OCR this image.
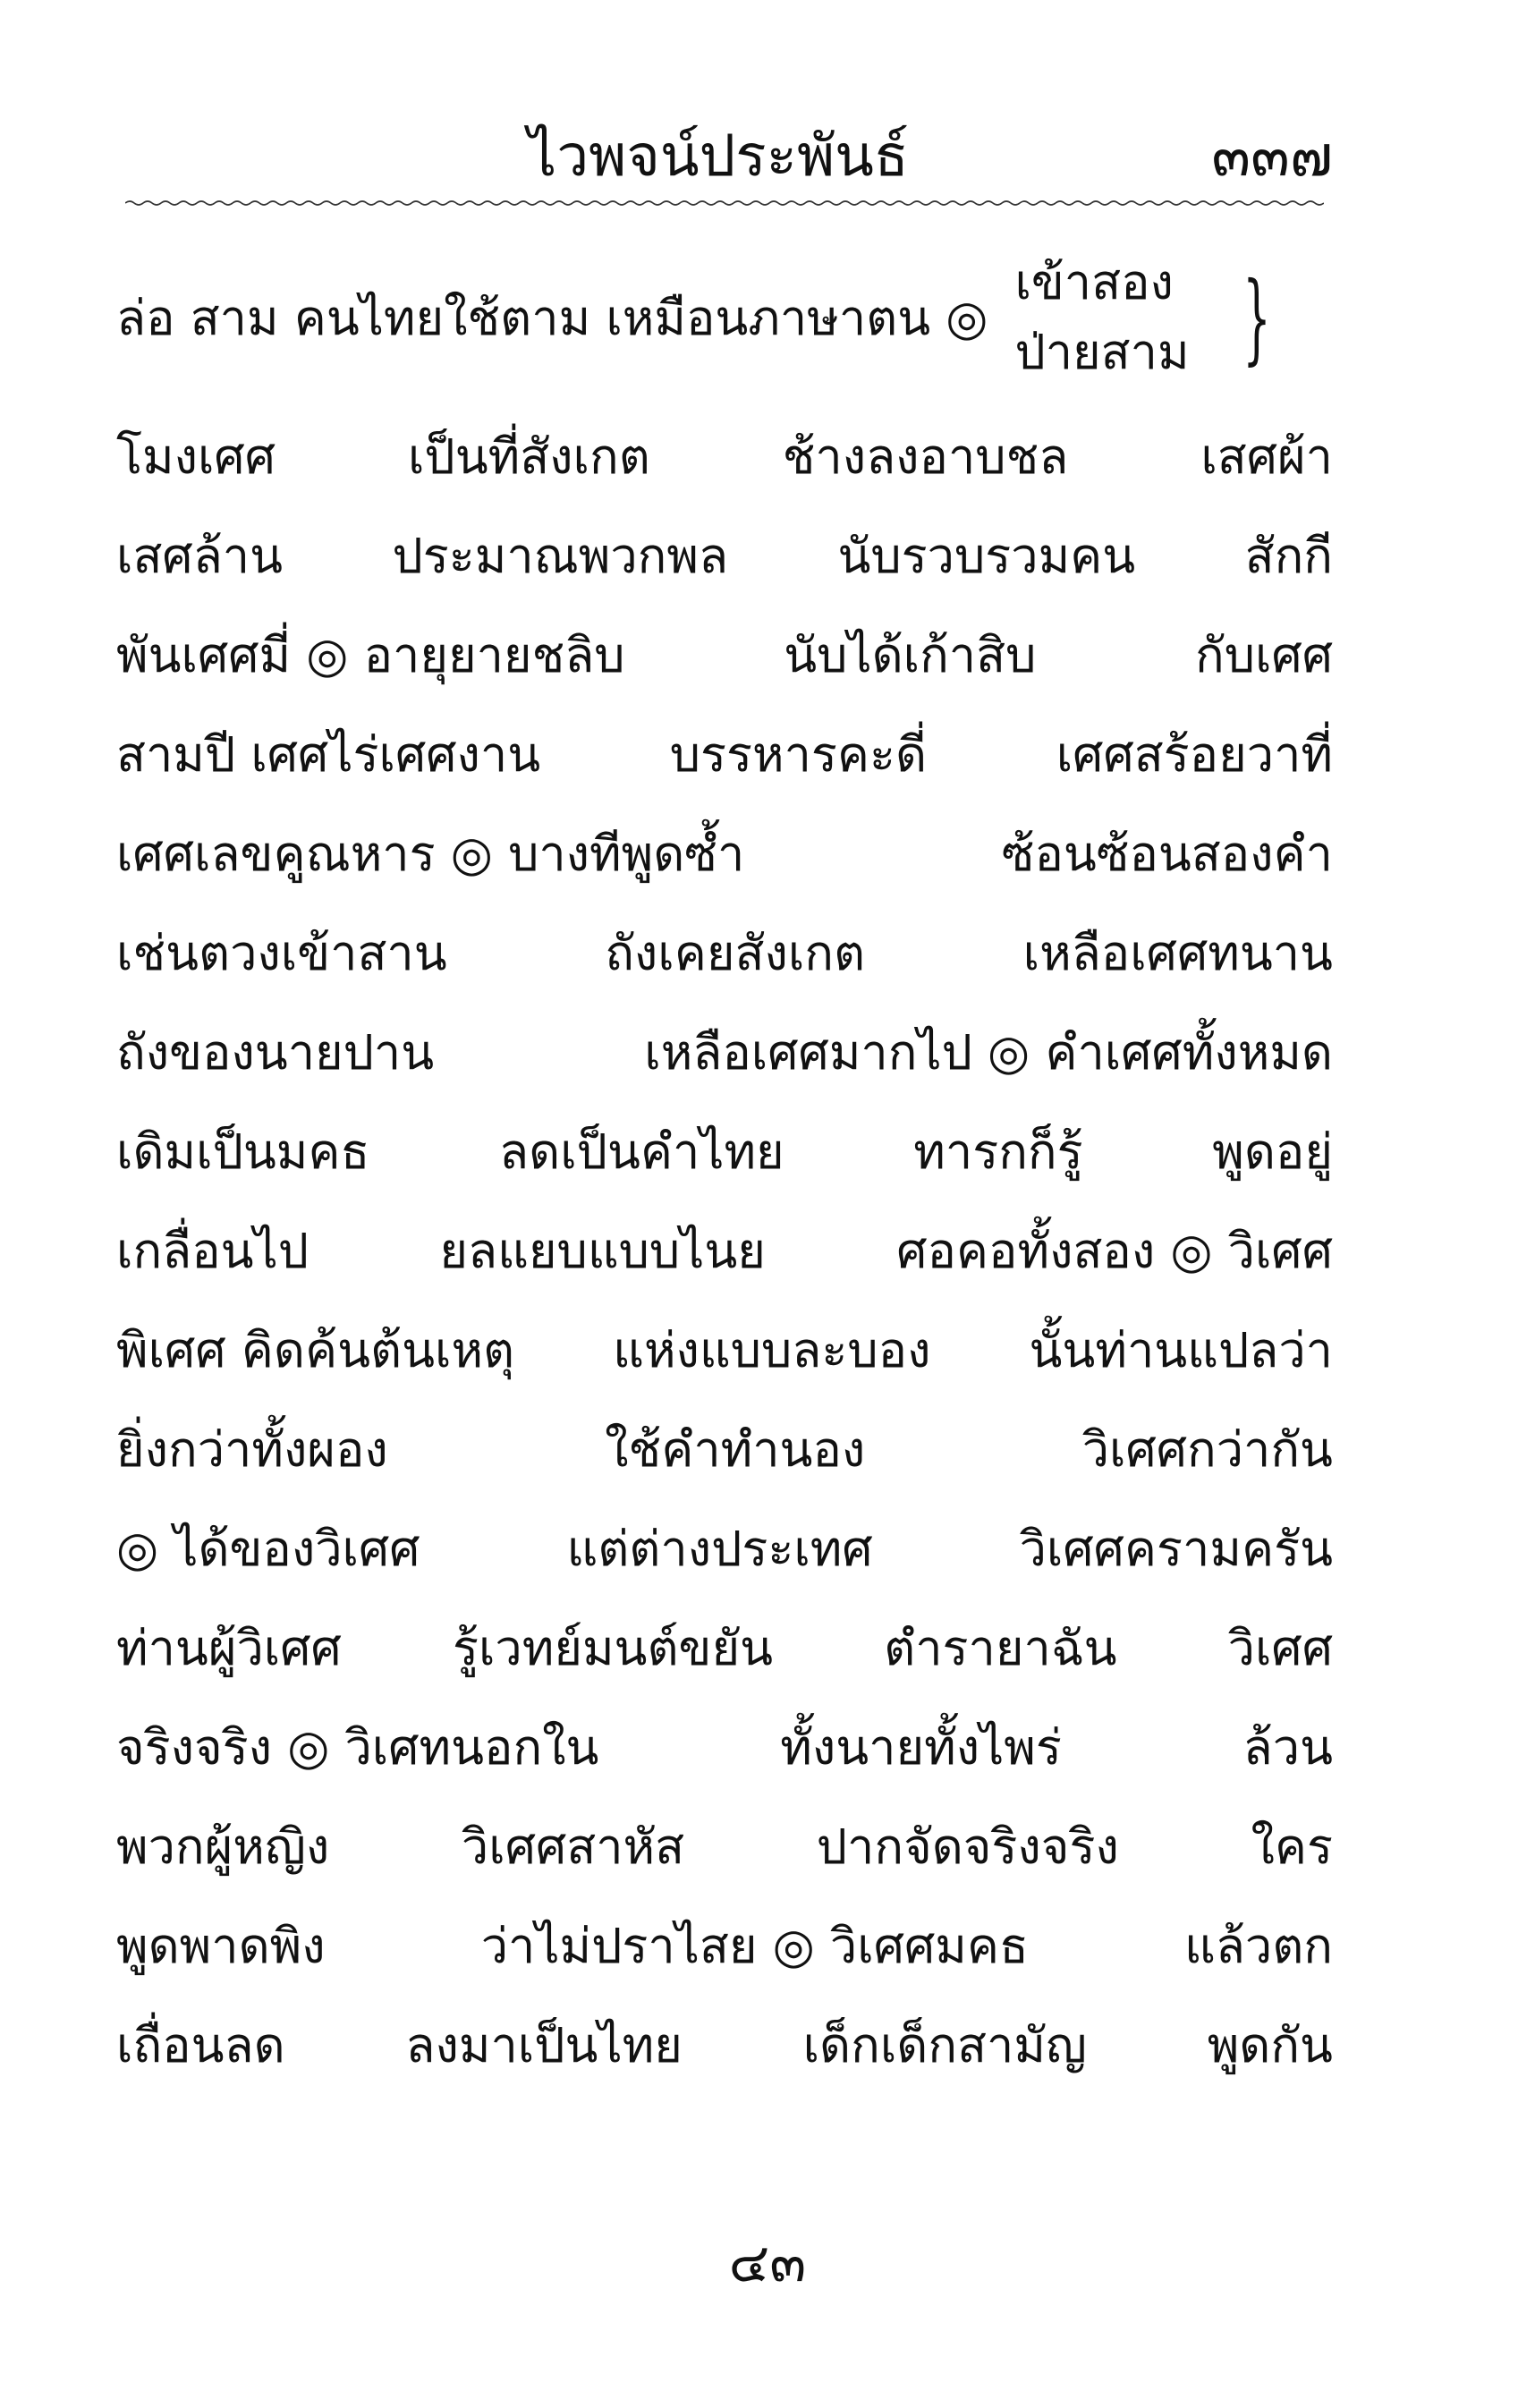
ไวพจน์ประพันธ์	๓๓๗
ล่อ สาม คนไทยใช้ตาม เหมือนภาษาตน ◎
เข้าสอง
ป่ายสาม }
โมงเศศ	เป็นที่สังเกต	ช้างลงอาบชล	เสศผ้า
เสศล้าน ประมาณพวกพล นับรวบรวมคน สักกี
พันเศศมี่ ◎ อายุยายชลิบ	นับได้เก้าสิบ	กับเศศ
สามปี เศศไร่เศศงาน	บรรหารคะดี่	เศศสร้อยวาที่
เศศเลขคูณหาร ◎ บางทีพูดซ้ำ	ซ้อนซ้อนสองคำ
เช่นตวงเข้าสาน	ถังเคยสังเกต	เหลือเศศทนาน
ถังของนายปาน	เหลือเศศมากไป ◎ คำเศศทั้งหมด
เดิมเป็นมคธ	ลดเป็นคำไทย	ทารกก็รู้	พูดอยู่
เกลื่อนไป	ยลแยบแบบไนย	ศอคอทั้งสอง ◎ วิเศศ
พิเศศ คิดค้นต้นเหตุ แห่งแบบละบอง นั้นท่านแปลว่า
ยิ่งกว่าทั้งผอง	ใช้คำทำนอง	วิเศศกว่ากัน
◎ ได้ของวิเศศ	แต่ต่างประเทศ	วิเศศครามครัน
ท่านผู้วิเศศ รู้เวทย์มนต์ขยัน ตำรายาฉัน วิเศศ
จริงจริง ◎ วิเศทนอกใน	ทั้งนายทั้งไพร่	ล้วน
พวกผู้หญิง	วิเศศสาหัส	ปากจัดจริงจริง	ใคร
พูดพาดพิง	ว่าไม่ปราไสย ◎ วิเศศมคธ	แล้วตก
เถื่อนลด ลงมาเป็นไทย เด็กเด็กสามัญ พูดกัน
๔๓
